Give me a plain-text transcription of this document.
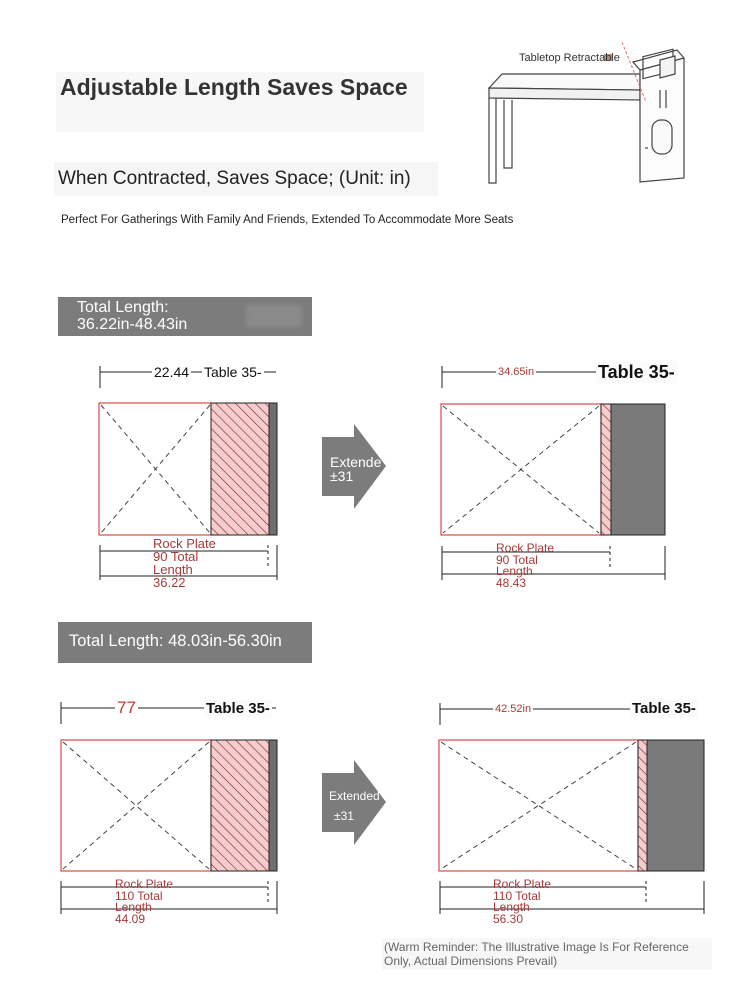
Adjustable Length Saves Space
When Contracted, Saves Space; (Unit: in)
Perfect For Gatherings With Family And Friends, Extended To Accommodate More Seats
Tabletop Retractable
Total Length:
36.22in-48.43in
22.44 Table 35-
Rock Plate
90 Total
Length
36.22
Extende
±31
34.65in	Table 35-
Rock Plate
90 Total
Length
48.43
Total Length: 48.03in-56.30in
77	Table 35-
Rock Plate
110 Total
Length
44.09
Extended
±31
42.52in	Table 35-
Rock Plate
110 Total
Length
56.30
(Warm Reminder: The Illustrative Image Is For Reference Only, Actual Dimensions Prevail)
